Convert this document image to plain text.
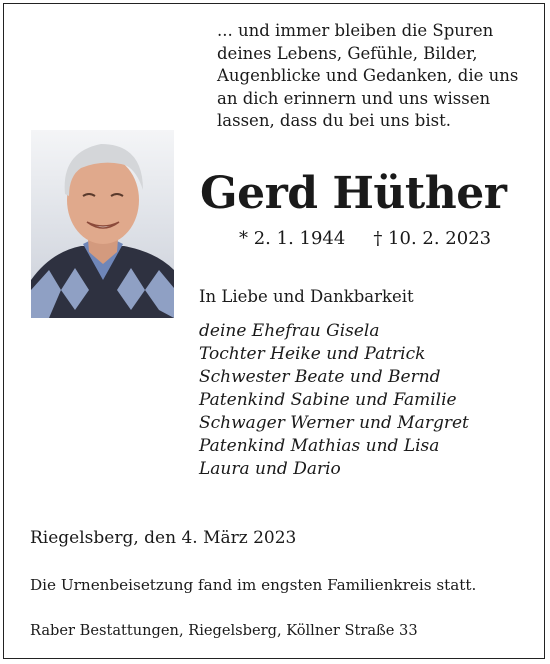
... und immer bleiben die Spuren
deines Lebens, Gefühle, Bilder,
Augenblicke und Gedanken, die uns
an dich erinnern und uns wissen
lassen, dass du bei uns bist.
Gerd Hüther
* 2. 1. 1944 † 10. 2. 2023
In Liebe und Dankbarkeit
deine Ehefrau Gisela
Tochter Heike und Patrick
Schwester Beate und Bernd
Patenkind Sabine und Familie
Schwager Werner und Margret
Patenkind Mathias und Lisa
Laura und Dario
Riegelsberg, den 4. März 2023
Die Urnenbeisetzung fand im engsten Familienkreis statt.
Raber Bestattungen, Riegelsberg, Köllner Straße 33
